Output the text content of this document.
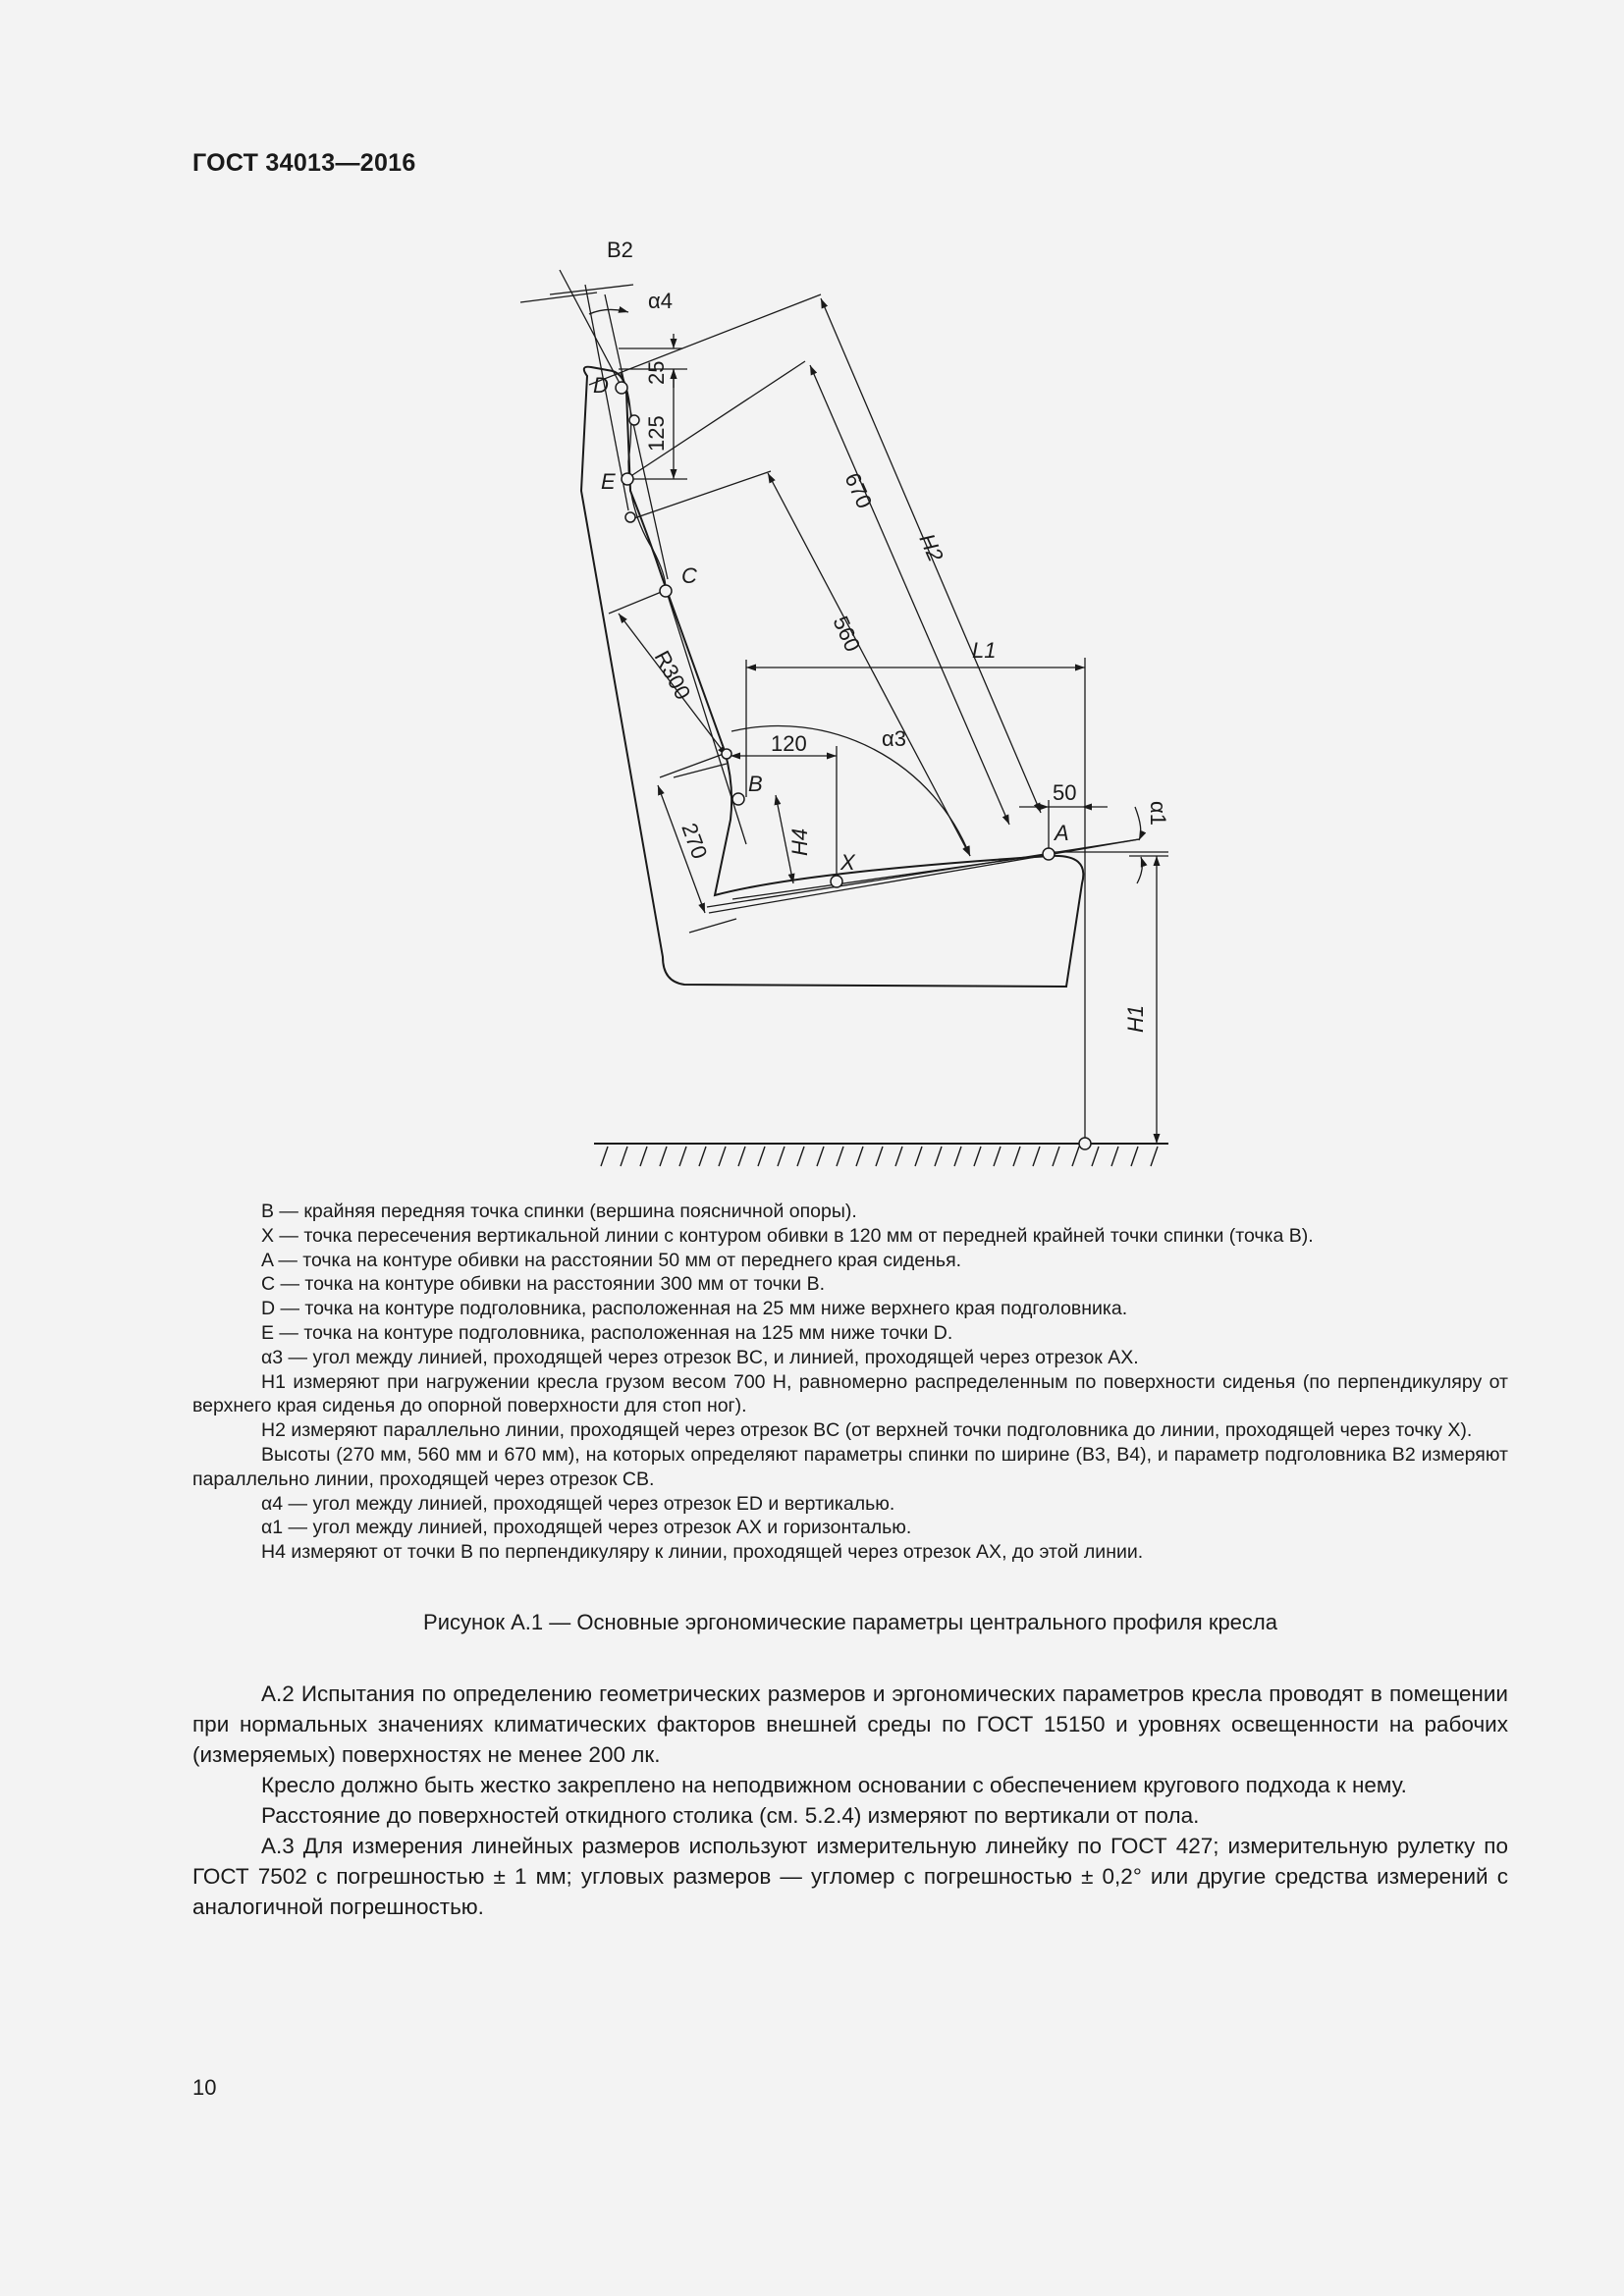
ГОСТ 34013—2016
B2
α4
D
E
C
B
X
A
R300	L1
H2
H1
H4
α3
α1
25
125
670
560
120
270
50

B — крайняя передняя точка спинки (вершина поясничной опоры).

X — точка пересечения вертикальной линии с контуром обивки в 120 мм от передней крайней точки спинки (точка B).

A — точка на контуре обивки на расстоянии 50 мм от переднего края сиденья.

C — точка на контуре обивки на расстоянии 300 мм от точки B.

D — точка на контуре подголовника, расположенная на 25 мм ниже верхнего края подголовника.

E — точка на контуре подголовника, расположенная на 125 мм ниже точки D.

α3 — угол между линией, проходящей через отрезок BC, и линией, проходящей через отрезок AX.

H1 измеряют при нагружении кресла грузом весом 700 H, равномерно распределенным по поверхности сиденья (по перпендикуляру от верхнего края сиденья до опорной поверхности для стоп ног).

H2 измеряют параллельно линии, проходящей через отрезок BC (от верхней точки подголовника до линии, проходящей через точку X).

Высоты (270 мм, 560 мм и 670 мм), на которых определяют параметры спинки по ширине (B3, B4), и параметр подголовника B2 измеряют параллельно линии, проходящей через отрезок CB.

α4 — угол между линией, проходящей через отрезок ED и вертикалью.

α1 — угол между линией, проходящей через отрезок AX и горизонталью.

H4 измеряют от точки B по перпендикуляру к линии, проходящей через отрезок AX, до этой линии.

Рисунок А.1 — Основные эргономические параметры центрального профиля кресла

А.2 Испытания по определению геометрических размеров и эргономических параметров кресла проводят в помещении при нормальных значениях климатических факторов внешней среды по ГОСТ 15150 и уровнях освещенности на рабочих (измеряемых) поверхностях не менее 200 лк.

Кресло должно быть жестко закреплено на неподвижном основании с обеспечением кругового подхода к нему.

Расстояние до поверхностей откидного столика (см. 5.2.4) измеряют по вертикали от пола.

А.3 Для измерения линейных размеров используют измерительную линейку по ГОСТ 427; измерительную рулетку по ГОСТ 7502 с погрешностью ± 1 мм; угловых размеров — угломер с погрешностью ± 0,2° или другие средства измерений с аналогичной погрешностью.

10
